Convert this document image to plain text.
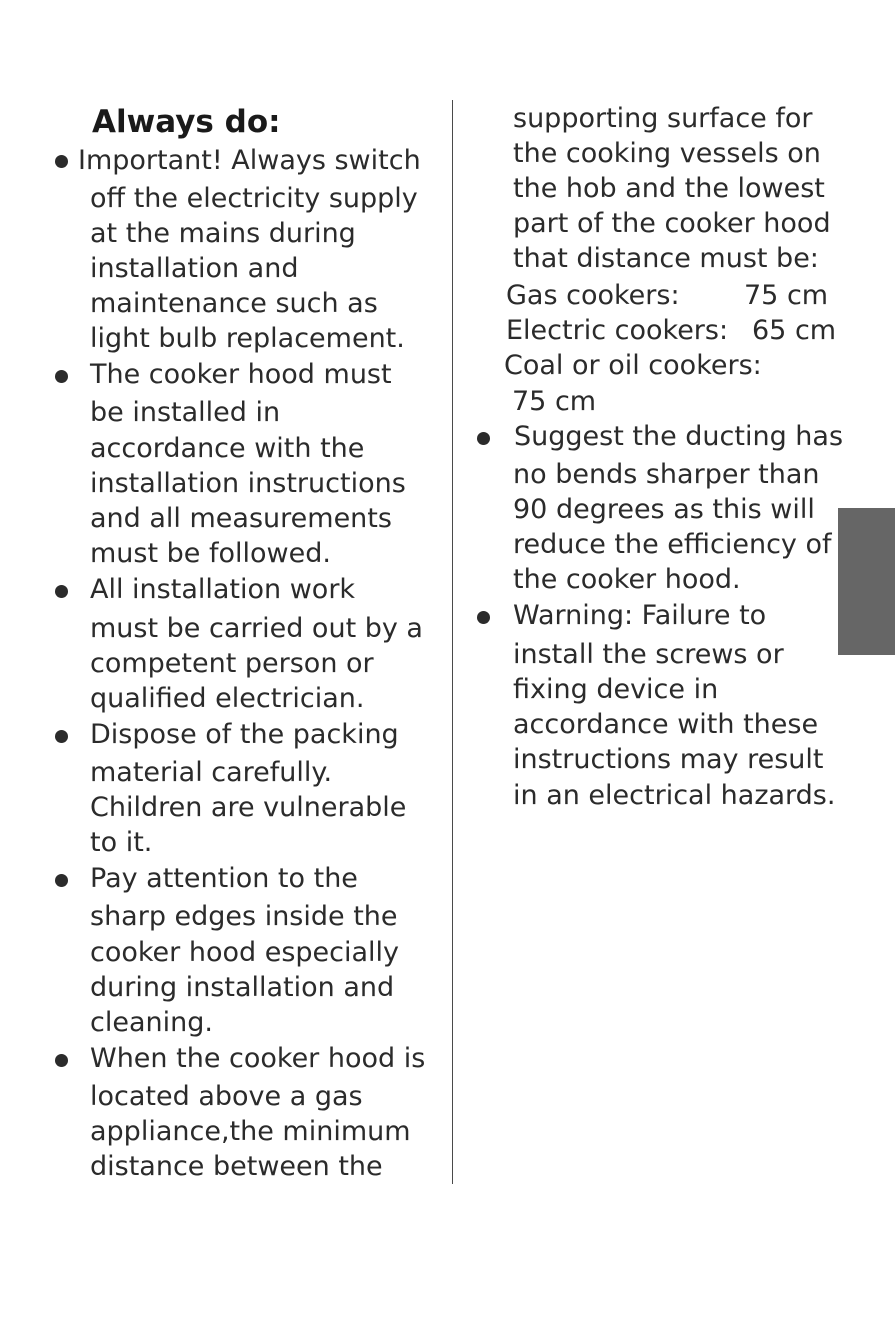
Always do:
Important! Always switch
off the electricity supply
at the mains during
installation and
maintenance such as
light bulb replacement.
The cooker hood must
be installed in
accordance with the
installation instructions
and all measurements
must be followed.
All installation work
must be carried out by a
competent person or
qualified electrician.
Dispose of the packing
material carefully.
Children are vulnerable
to it.
Pay attention to the
sharp edges inside the
cooker hood especially
during installation and
cleaning.
When the cooker hood is
located above a gas
appliance,the minimum
distance between the
supporting surface for
the cooking vessels on
the hob and the lowest
part of the cooker hood
that distance must be:
Gas cookers: 75 cm
Electric cookers: 65 cm
Coal or oil cookers:
75 cm
Suggest the ducting has
no bends sharper than
90 degrees as this will
reduce the efficiency of
the cooker hood.
Warning: Failure to
install the screws or
fixing device in
accordance with these
instructions may result
in an electrical hazards.
